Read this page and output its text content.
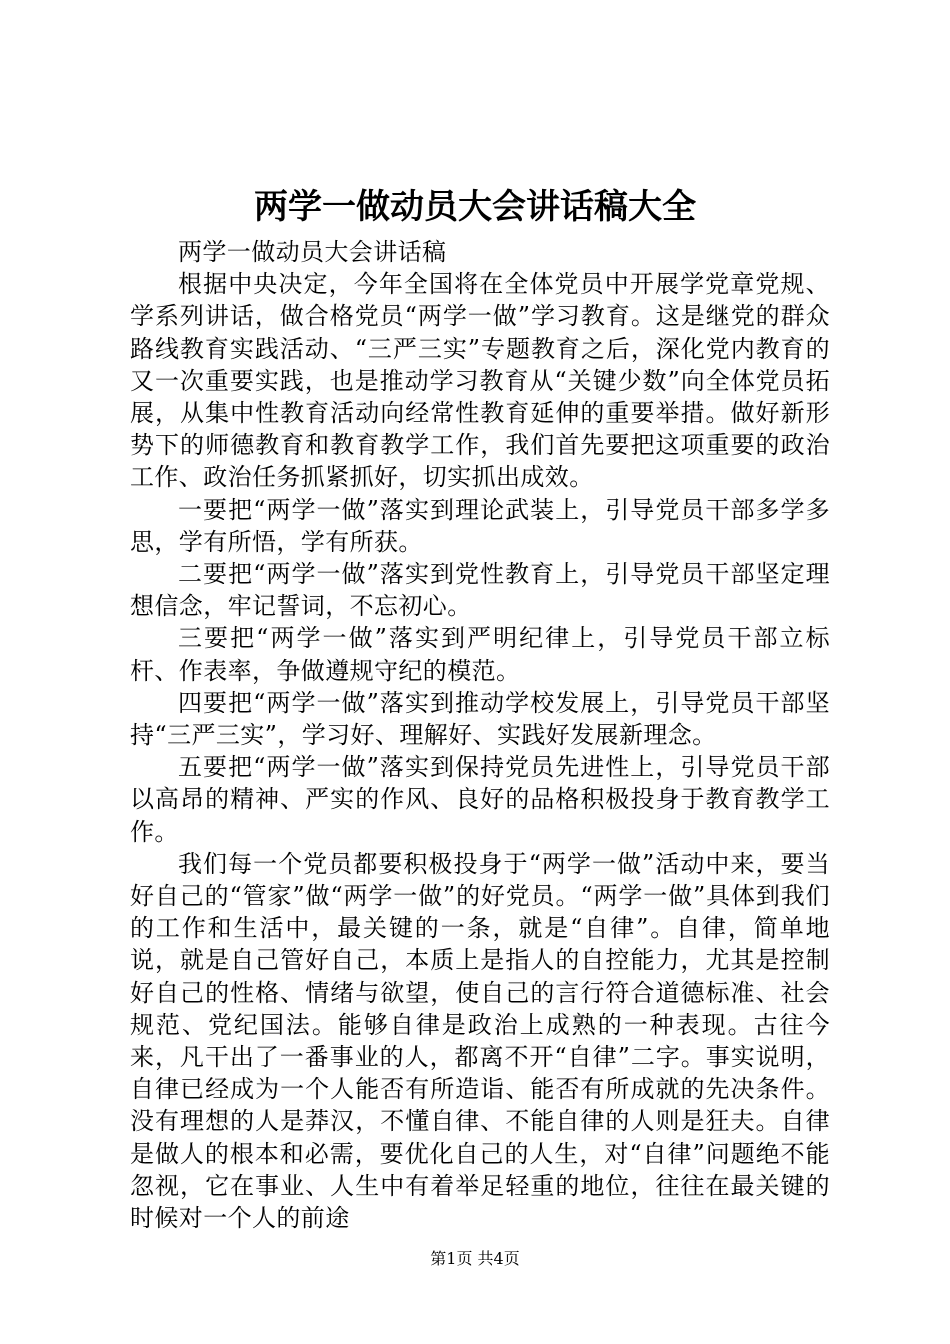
两学一做动员大会讲话稿大全

两学一做动员大会讲话稿

根据中央决定，今年全国将在全体党员中开展学党章党规、学系列讲话，做合格党员“两学一做”学习教育。这是继党的群众路线教育实践活动、“三严三实”专题教育之后，深化党内教育的又一次重要实践，也是推动学习教育从“关键少数”向全体党员拓展，从集中性教育活动向经常性教育延伸的重要举措。做好新形势下的师德教育和教育教学工作，我们首先要把这项重要的政治工作、政治任务抓紧抓好，切实抓出成效。

一要把“两学一做”落实到理论武装上，引导党员干部多学多思，学有所悟，学有所获。

二要把“两学一做”落实到党性教育上，引导党员干部坚定理想信念，牢记誓词，不忘初心。

三要把“两学一做”落实到严明纪律上，引导党员干部立标杆、作表率，争做遵规守纪的模范。

四要把“两学一做”落实到推动学校发展上，引导党员干部坚持“三严三实”，学习好、理解好、实践好发展新理念。

五要把“两学一做”落实到保持党员先进性上，引导党员干部以高昂的精神、严实的作风、良好的品格积极投身于教育教学工作。

我们每一个党员都要积极投身于“两学一做”活动中来，要当好自己的“管家”做“两学一做”的好党员。“两学一做”具体到我们的工作和生活中，最关键的一条，就是“自律”。自律，简单地说，就是自己管好自己，本质上是指人的自控能力，尤其是控制好自己的性格、情绪与欲望，使自己的言行符合道德标准、社会规范、党纪国法。能够自律是政治上成熟的一种表现。古往今来，凡干出了一番事业的人，都离不开“自律”二字。事实说明，自律已经成为一个人能否有所造诣、能否有所成就的先决条件。没有理想的人是莽汉，不懂自律、不能自律的人则是狂夫。自律是做人的根本和必需，要优化自己的人生，对“自律”问题绝不能忽视，它在事业、人生中有着举足轻重的地位，往往在最关键的时候对一个人的前途

第1页 共4页
